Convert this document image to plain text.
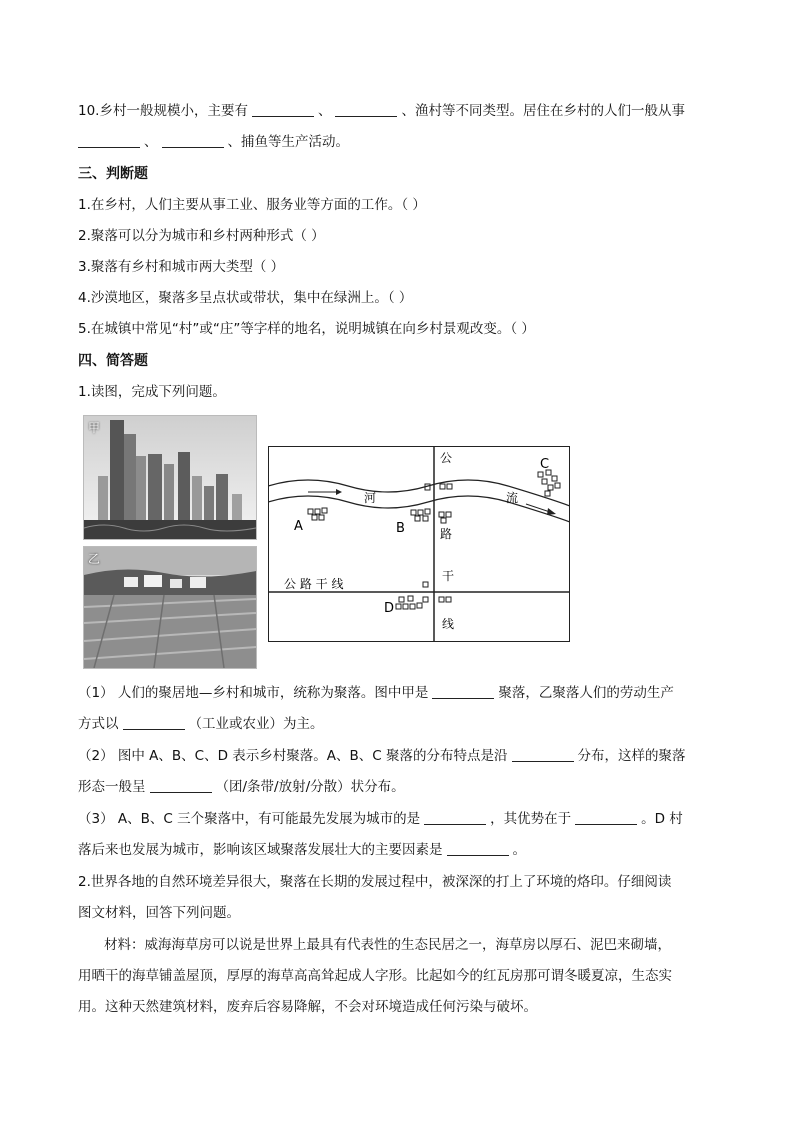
10.乡村一般规模小，主要有	、	、渔村等不同类型。居住在乡村的人们一般从事
、	、捕鱼等生产活动。
三、判断题
1.在乡村，人们主要从事工业、服务业等方面的工作。（ ）
2.聚落可以分为城市和乡村两种形式（ ）
3.聚落有乡村和城市两大类型（ ）
4.沙漠地区，聚落多呈点状或带状，集中在绿洲上。（ ）
5.在城镇中常见“村”或“庄”等字样的地名，说明城镇在向乡村景观改变。（ ）
四、简答题
1.读图，完成下列问题。
甲
乙
A	B
C
D
河	流
公
路
干
线
公 路 干 线
（1） 人们的聚居地—乡村和城市，统称为聚落。图中甲是	聚落，乙聚落人们的劳动生产
方式以	（工业或农业）为主。
（2） 图中 A、B、C、D 表示乡村聚落。A、B、C 聚落的分布特点是沿	分布，这样的聚落
形态一般呈	（团/条带/放射/分散）状分布。
（3） A、B、C 三个聚落中，有可能最先发展为城市的是	，其优势在于	。D 村
落后来也发展为城市，影响该区域聚落发展壮大的主要因素是	。
2.世界各地的自然环境差异很大，聚落在长期的发展过程中，被深深的打上了环境的烙印。仔细阅读
图文材料，回答下列问题。
材料：威海海草房可以说是世界上最具有代表性的生态民居之一，海草房以厚石、泥巴来砌墙，
用晒干的海草铺盖屋顶，厚厚的海草高高耸起成人字形。比起如今的红瓦房那可谓冬暖夏凉，生态实
用。这种天然建筑材料，废弃后容易降解，不会对环境造成任何污染与破坏。
